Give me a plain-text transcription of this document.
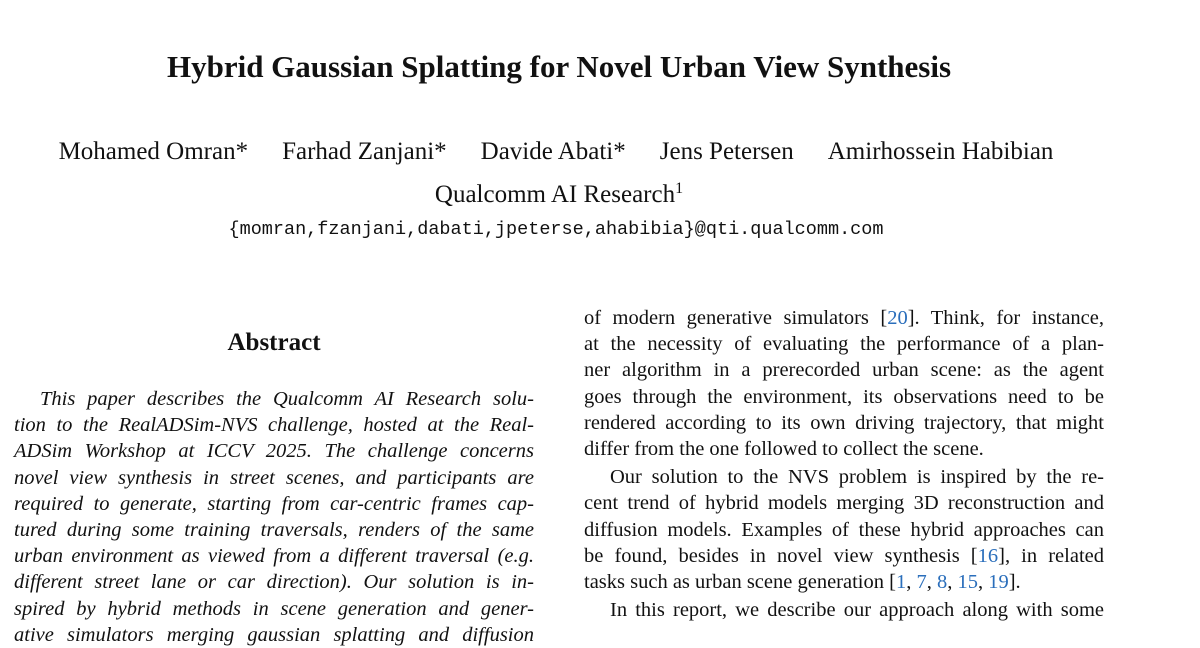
Hybrid Gaussian Splatting for Novel Urban View Synthesis
Mohamed Omran* Farhad Zanjani* Davide Abati* Jens Petersen Amirhossein Habibian
Qualcomm AI Research$^1$
{momran,fzanjani,dabati,jpeterse,ahabibia}@qti.qualcomm.com
Abstract
This paper describes the Qualcomm AI Research solu-
tion to the RealADSim-NVS challenge, hosted at the Real-
ADSim Workshop at ICCV 2025. The challenge concerns
novel view synthesis in street scenes, and participants are
required to generate, starting from car-centric frames cap-
tured during some training traversals, renders of the same
urban environment as viewed from a different traversal (e.g.
different street lane or car direction). Our solution is in-
spired by hybrid methods in scene generation and gener-
ative simulators merging gaussian splatting and diffusion
of modern generative simulators [20]. Think, for instance,
at the necessity of evaluating the performance of a plan-
ner algorithm in a prerecorded urban scene: as the agent
goes through the environment, its observations need to be
rendered according to its own driving trajectory, that might
differ from the one followed to collect the scene.
Our solution to the NVS problem is inspired by the re-
cent trend of hybrid models merging 3D reconstruction and
diffusion models. Examples of these hybrid approaches can
be found, besides in novel view synthesis [16], in related
tasks such as urban scene generation [1, 7, 8, 15, 19].
In this report, we describe our approach along with some
